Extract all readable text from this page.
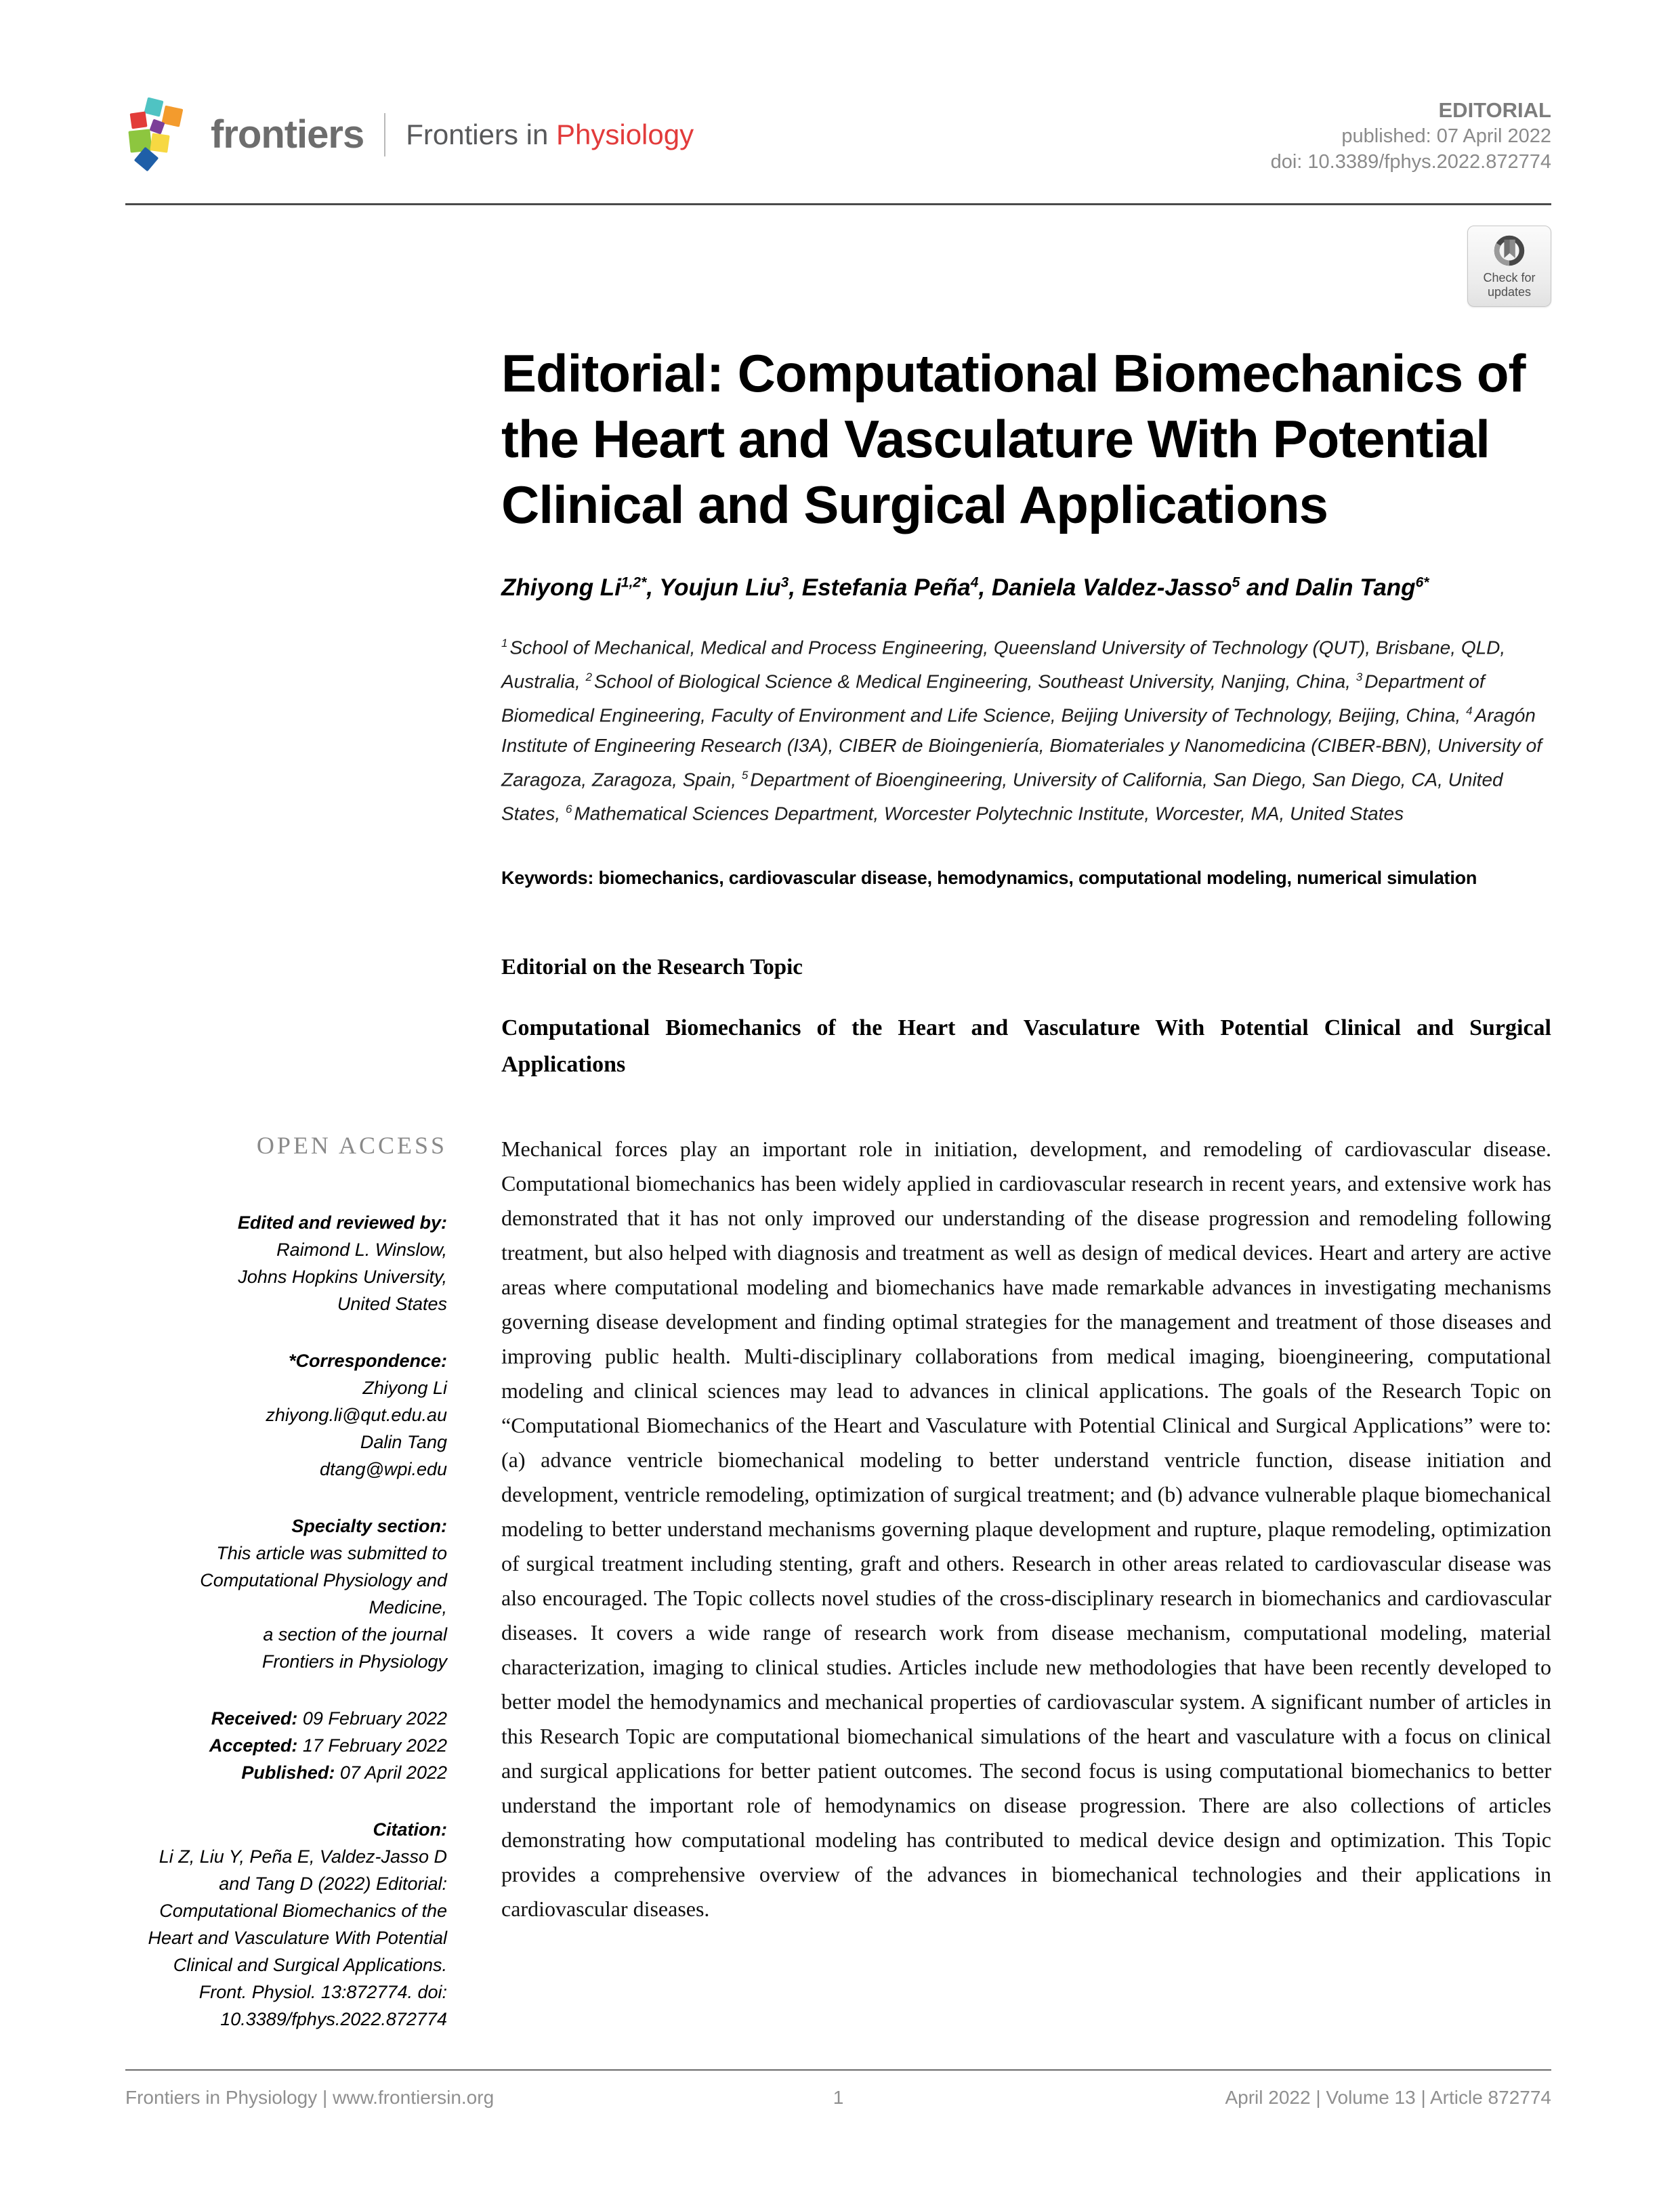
frontiers Frontiers in Physiology
EDITORIAL
published: 07 April 2022
doi: 10.3389/fphys.2022.872774
Check for
updates
Editorial: Computational Biomechanics of the Heart and Vasculature With Potential Clinical and Surgical Applications
Zhiyong $Li^{1,2*}$, Youjun Liu$^3$, Estefania Peña$^4$, Daniela Valdez-Jasso$^5$ and Dalin Tang$^{6*}$

$^1$ School of Mechanical, Medical and Process Engineering, Queensland University of Technology (QUT), Brisbane, QLD, Australia, $^2$ School of Biological Science & Medical Engineering, Southeast University, Nanjing, China, $^3$ Department of Biomedical Engineering, Faculty of Environment and Life Science, Beijing University of Technology, Beijing, China, $^4$ Aragón Institute of Engineering Research (I3A), CIBER de Bioingeniería, Biomateriales y Nanomedicina (CIBER-BBN), University of Zaragoza, Zaragoza, Spain, $^5$ Department of Bioengineering, University of California, San Diego, San Diego, CA, United States, $^6$ Mathematical Sciences Department, Worcester Polytechnic Institute, Worcester, MA, United States

Keywords: biomechanics, cardiovascular disease, hemodynamics, computational modeling, numerical simulation

Editorial on the Research Topic
Computational Biomechanics of the Heart and Vasculature With Potential Clinical and Surgical Applications
OPEN ACCESS
Edited and reviewed by:
Raimond L. Winslow,
Johns Hopkins University,
United States
*Correspondence:
Zhiyong Li
zhiyong.li@qut.edu.au
Dalin Tang
dtang@wpi.edu
Specialty section:
This article was submitted to
Computational Physiology and
Medicine,
a section of the journal
Frontiers in Physiology
Received: 09 February 2022
Accepted: 17 February 2022
Published: 07 April 2022
Citation:
Li Z, Liu Y, Peña E, Valdez-Jasso D and Tang D (2022) Editorial: Computational Biomechanics of the Heart and Vasculature With Potential Clinical and Surgical Applications. Front. Physiol. 13:872774. doi: 10.3389/fphys.2022.872774

Mechanical forces play an important role in initiation, development, and remodeling of cardiovascular disease. Computational biomechanics has been widely applied in cardiovascular research in recent years, and extensive work has demonstrated that it has not only improved our understanding of the disease progression and remodeling following treatment, but also helped with diagnosis and treatment as well as design of medical devices. Heart and artery are active areas where computational modeling and biomechanics have made remarkable advances in investigating mechanisms governing disease development and finding optimal strategies for the management and treatment of those diseases and improving public health. Multi-disciplinary collaborations from medical imaging, bioengineering, computational modeling and clinical sciences may lead to advances in clinical applications. The goals of the Research Topic on “Computational Biomechanics of the Heart and Vasculature with Potential Clinical and Surgical Applications” were to: (a) advance ventricle biomechanical modeling to better understand ventricle function, disease initiation and development, ventricle remodeling, optimization of surgical treatment; and (b) advance vulnerable plaque biomechanical modeling to better understand mechanisms governing plaque development and rupture, plaque remodeling, optimization of surgical treatment including stenting, graft and others. Research in other areas related to cardiovascular disease was also encouraged. The Topic collects novel studies of the cross-disciplinary research in biomechanics and cardiovascular diseases. It covers a wide range of research work from disease mechanism, computational modeling, material characterization, imaging to clinical studies. Articles include new methodologies that have been recently developed to better model the hemodynamics and mechanical properties of cardiovascular system. A significant number of articles in this Research Topic are computational biomechanical simulations of the heart and vasculature with a focus on clinical and surgical applications for better patient outcomes. The second focus is using computational biomechanics to better understand the important role of hemodynamics on disease progression. There are also collections of articles demonstrating how computational modeling has contributed to medical device design and optimization. This Topic provides a comprehensive overview of the advances in biomechanical technologies and their applications in cardiovascular diseases.

1
Frontiers in Physiology | www.frontiersin.org	April 2022 | Volume 13 | Article 872774
